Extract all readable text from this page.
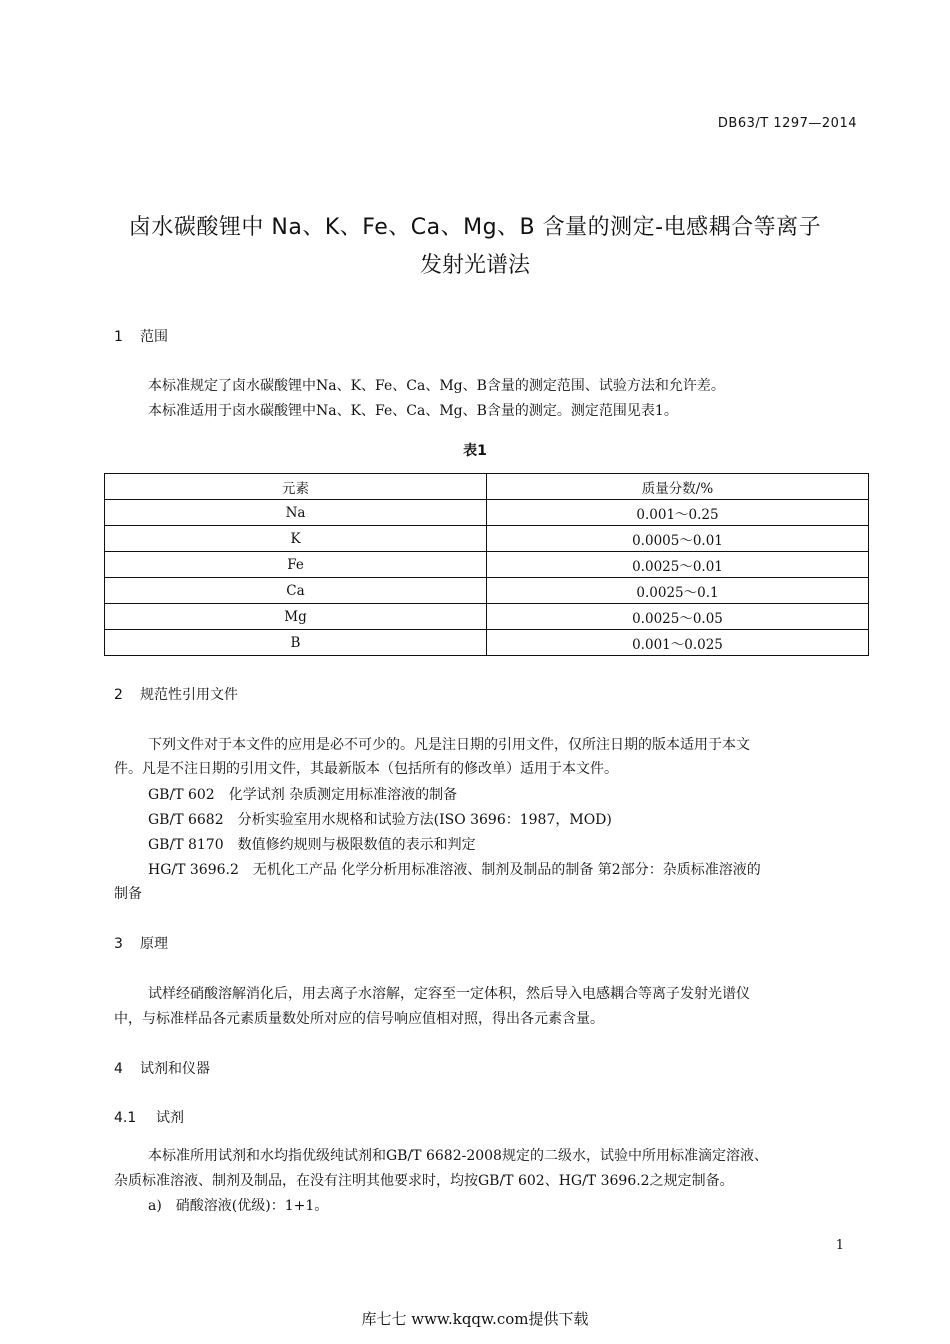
DB63/T 1297—2014
卤水碳酸锂中 Na、K、Fe、Ca、Mg、B 含量的测定-电感耦合等离子
发射光谱法
1 范围
本标准规定了卤水碳酸锂中Na、K、Fe、Ca、Mg、B含量的测定范围、试验方法和允许差。
本标准适用于卤水碳酸锂中Na、K、Fe、Ca、Mg、B含量的测定。测定范围见表1。
表1
元素	质量分数/%
Na	0.001～0.25
K	0.0005～0.01
Fe	0.0025～0.01
Ca	0.0025～0.1
Mg	0.0025～0.05
B	0.001～0.025
2 规范性引用文件
下列文件对于本文件的应用是必不可少的。凡是注日期的引用文件，仅所注日期的版本适用于本文
件。凡是不注日期的引用文件，其最新版本（包括所有的修改单）适用于本文件。
GB/T 602　化学试剂 杂质测定用标准溶液的制备
GB/T 6682　分析实验室用水规格和试验方法(ISO 3696：1987，MOD)
GB/T 8170　数值修约规则与极限数值的表示和判定
HG/T 3696.2　无机化工产品 化学分析用标准溶液、制剂及制品的制备 第2部分：杂质标准溶液的
制备
3 原理
试样经硝酸溶解消化后，用去离子水溶解，定容至一定体积，然后导入电感耦合等离子发射光谱仪
中，与标准样品各元素质量数处所对应的信号响应值相对照，得出各元素含量。
4 试剂和仪器
4.1 试剂
本标准所用试剂和水均指优级纯试剂和GB/T 6682-2008规定的二级水，试验中所用标准滴定溶液、
杂质标准溶液、制剂及制品，在没有注明其他要求时，均按GB/T 602、HG/T 3696.2之规定制备。
a)　硝酸溶液(优级)：1+1。
1
库七七 www.kqqw.com提供下载
